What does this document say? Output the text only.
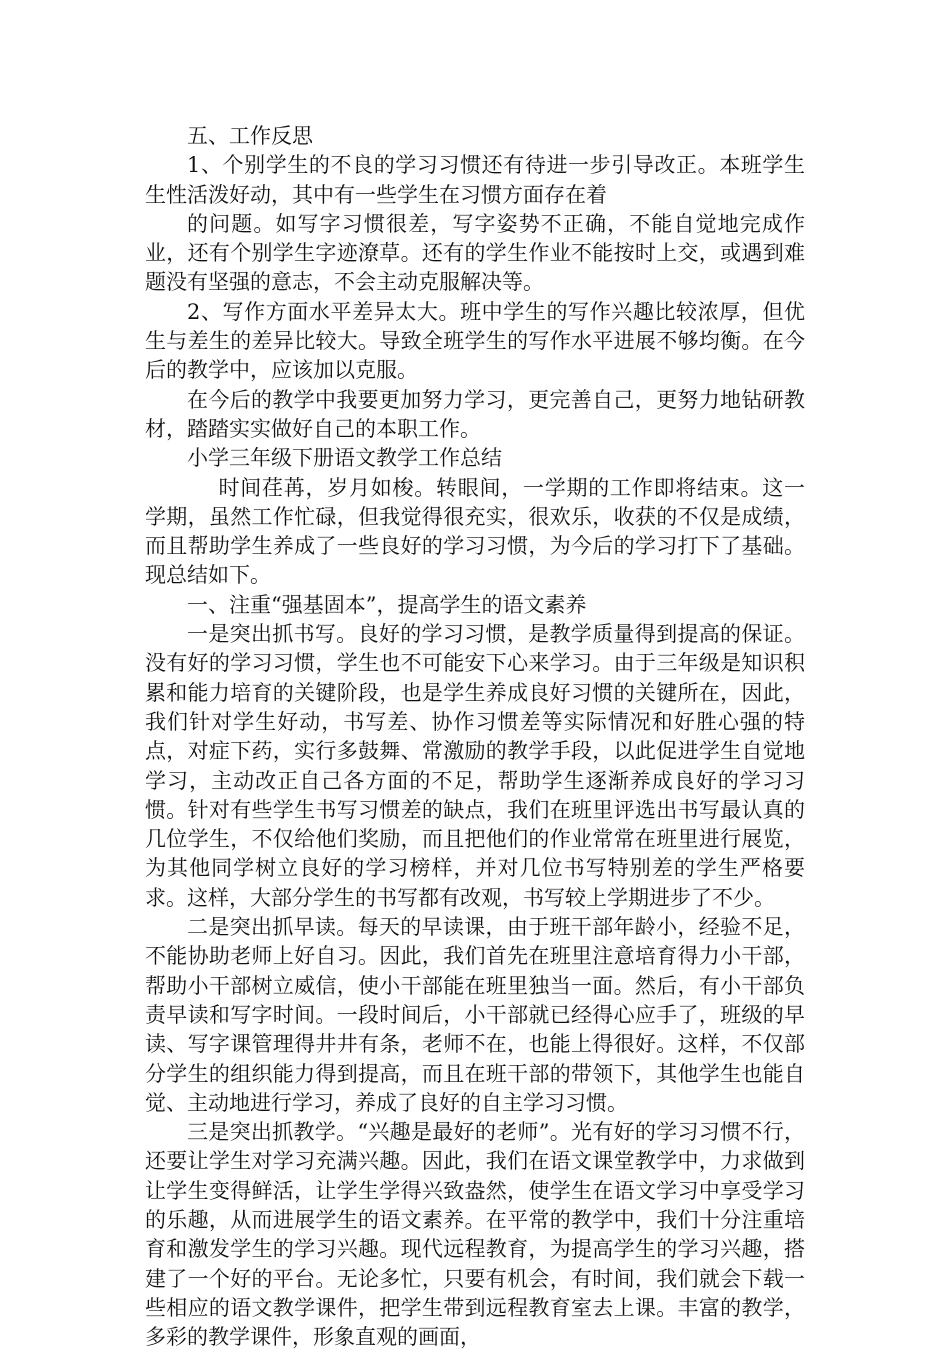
五、工作反思

1、个别学生的不良的学习习惯还有待进一步引导改正。本班学生生性活泼好动，其中有一些学生在习惯方面存在着

的问题。如写字习惯很差，写字姿势不正确，不能自觉地完成作业，还有个别学生字迹潦草。还有的学生作业不能按时上交，或遇到难题没有坚强的意志，不会主动克服解决等。

2、写作方面水平差异太大。班中学生的写作兴趣比较浓厚，但优生与差生的差异比较大。导致全班学生的写作水平进展不够均衡。在今后的教学中，应该加以克服。

在今后的教学中我要更加努力学习，更完善自己，更努力地钻研教材，踏踏实实做好自己的本职工作。

小学三年级下册语文教学工作总结

时间荏苒，岁月如梭。转眼间，一学期的工作即将结束。这一学期，虽然工作忙碌，但我觉得很充实，很欢乐，收获的不仅是成绩，而且帮助学生养成了一些良好的学习习惯，为今后的学习打下了基础。现总结如下。

一、注重“强基固本”，提高学生的语文素养

一是突出抓书写。良好的学习习惯，是教学质量得到提高的保证。没有好的学习习惯，学生也不可能安下心来学习。由于三年级是知识积累和能力培育的关键阶段，也是学生养成良好习惯的关键所在，因此，我们针对学生好动，书写差、协作习惯差等实际情况和好胜心强的特点，对症下药，实行多鼓舞、常激励的教学手段，以此促进学生自觉地学习，主动改正自己各方面的不足，帮助学生逐渐养成良好的学习习惯。针对有些学生书写习惯差的缺点，我们在班里评选出书写最认真的几位学生，不仅给他们奖励，而且把他们的作业常常在班里进行展览，为其他同学树立良好的学习榜样，并对几位书写特别差的学生严格要求。这样，大部分学生的书写都有改观，书写较上学期进步了不少。

二是突出抓早读。每天的早读课，由于班干部年龄小，经验不足，不能协助老师上好自习。因此，我们首先在班里注意培育得力小干部，帮助小干部树立威信，使小干部能在班里独当一面。然后，有小干部负责早读和写字时间。一段时间后，小干部就已经得心应手了，班级的早读、写字课管理得井井有条，老师不在，也能上得很好。这样，不仅部分学生的组织能力得到提高，而且在班干部的带领下，其他学生也能自觉、主动地进行学习，养成了良好的自主学习习惯。

三是突出抓教学。“兴趣是最好的老师”。光有好的学习习惯不行，还要让学生对学习充满兴趣。因此，我们在语文课堂教学中，力求做到让学生变得鲜活，让学生学得兴致盎然，使学生在语文学习中享受学习的乐趣，从而进展学生的语文素养。在平常的教学中，我们十分注重培育和激发学生的学习兴趣。现代远程教育，为提高学生的学习兴趣，搭建了一个好的平台。无论多忙，只要有机会，有时间，我们就会下载一些相应的语文教学课件，把学生带到远程教育室去上课。丰富的教学，多彩的教学课件，形象直观的画面，
